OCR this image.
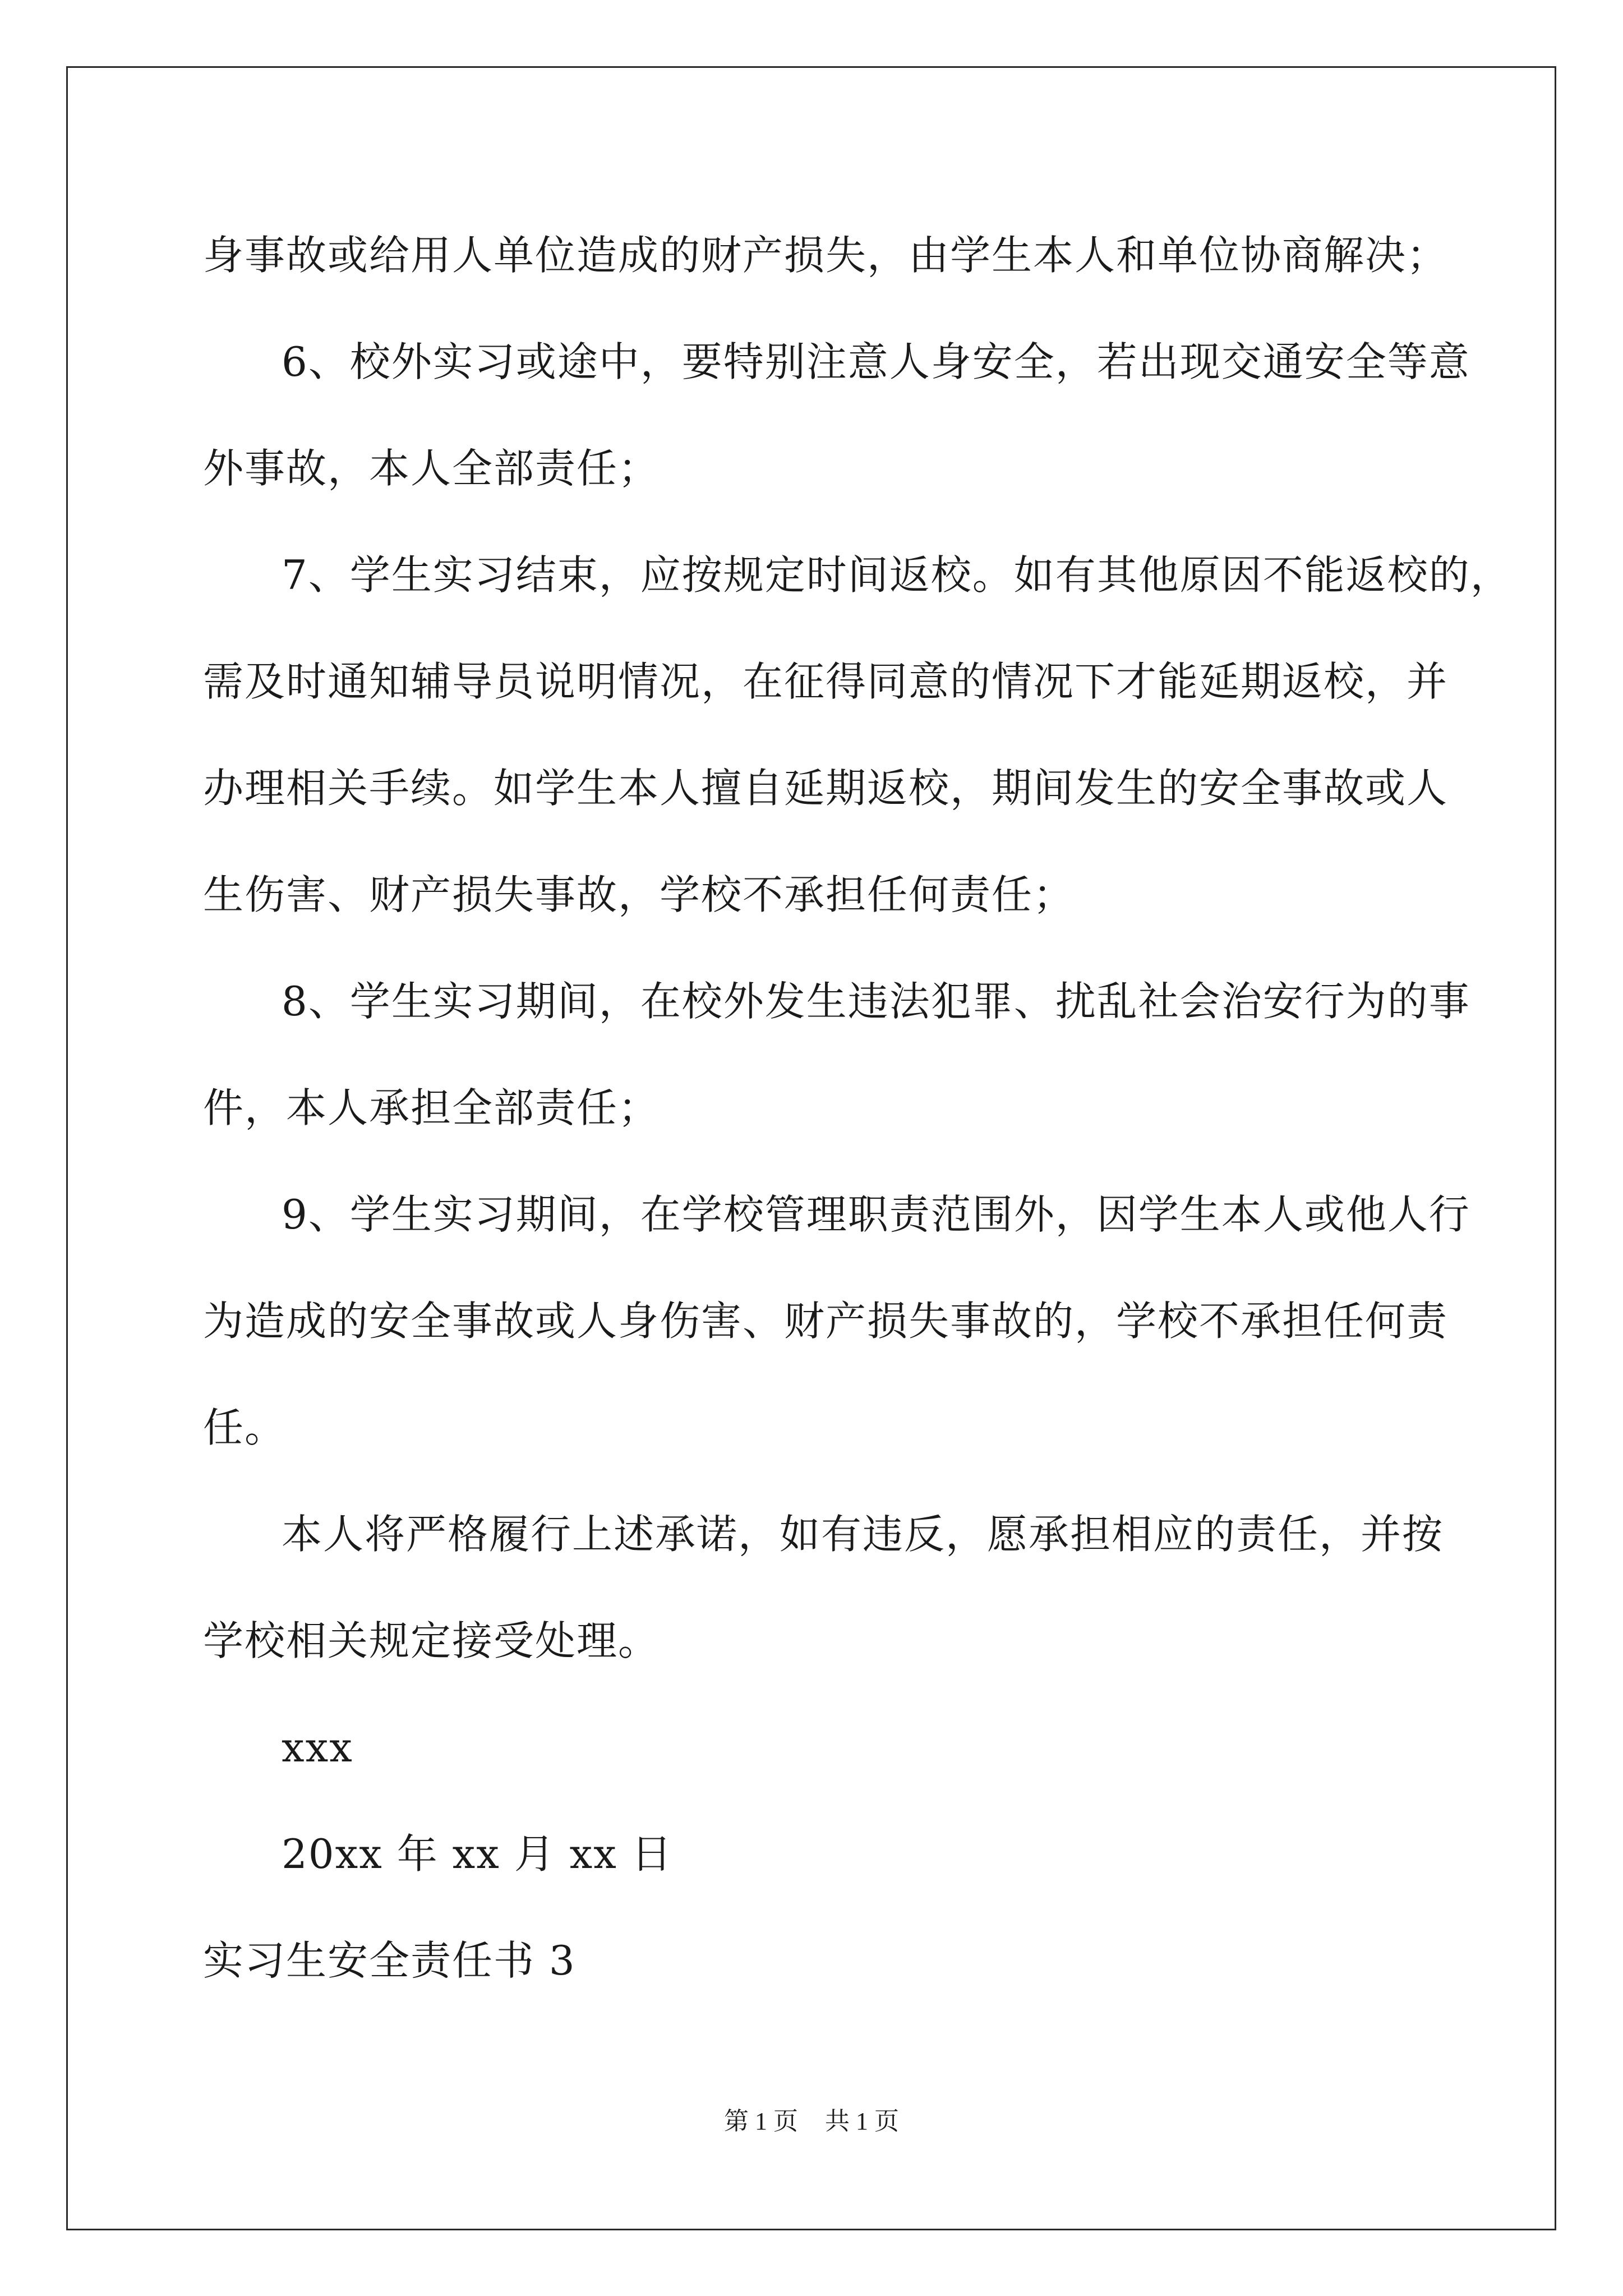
身事故或给用人单位造成的财产损失，由学生本人和单位协商解决；
6、校外实习或途中，要特别注意人身安全，若出现交通安全等意
外事故，本人全部责任；
7、学生实习结束，应按规定时间返校。如有其他原因不能返校的，
需及时通知辅导员说明情况，在征得同意的情况下才能延期返校，并
办理相关手续。如学生本人擅自延期返校，期间发生的安全事故或人
生伤害、财产损失事故，学校不承担任何责任；
8、学生实习期间，在校外发生违法犯罪、扰乱社会治安行为的事
件，本人承担全部责任；
9、学生实习期间，在学校管理职责范围外，因学生本人或他人行
为造成的安全事故或人身伤害、财产损失事故的，学校不承担任何责
任。
本人将严格履行上述承诺，如有违反，愿承担相应的责任，并按
学校相关规定接受处理。
xxx
20xx 年 xx 月 xx 日
实习生安全责任书 3
第 1 页 共 1 页
